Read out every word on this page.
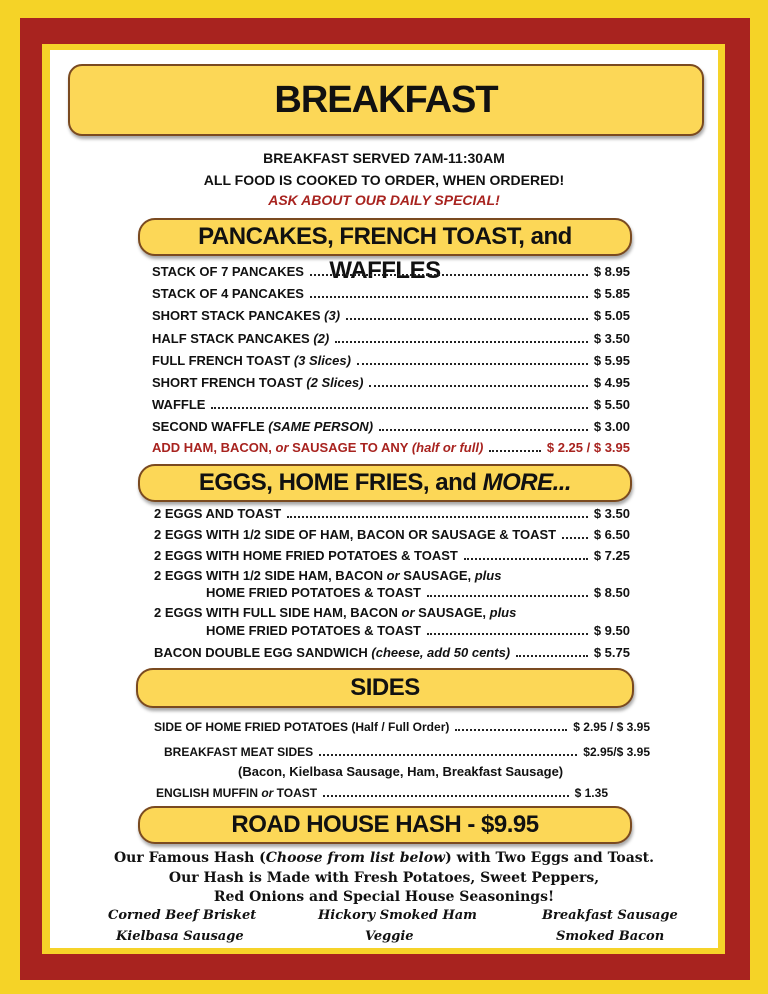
BREAKFAST
BREAKFAST SERVED 7AM-11:30AM
ALL FOOD IS COOKED TO ORDER, WHEN ORDERED!
ASK ABOUT OUR DAILY SPECIAL!
PANCAKES, FRENCH TOAST, and WAFFLES
STACK OF 7 PANCAKES	$ 8.95
STACK OF 4 PANCAKES	$ 5.85
SHORT STACK PANCAKES (3)	$ 5.05
HALF STACK PANCAKES (2)	$ 3.50
FULL FRENCH TOAST (3 Slices)	$ 5.95
SHORT FRENCH TOAST (2 Slices)	$ 4.95
WAFFLE	$ 5.50
SECOND WAFFLE (SAME PERSON)	$ 3.00
ADD HAM, BACON, or SAUSAGE TO ANY (half or full)	$ 2.25 / $ 3.95
EGGS, HOME FRIES, and MORE...
2 EGGS AND TOAST	$ 3.50
2 EGGS WITH 1/2 SIDE OF HAM, BACON OR SAUSAGE & TOAST	$ 6.50
2 EGGS WITH HOME FRIED POTATOES & TOAST	$ 7.25
2 EGGS WITH 1/2 SIDE HAM, BACON or SAUSAGE, plus
HOME FRIED POTATOES & TOAST	$ 8.50
2 EGGS WITH FULL SIDE HAM, BACON or SAUSAGE, plus
HOME FRIED POTATOES & TOAST	$ 9.50
BACON DOUBLE EGG SANDWICH (cheese, add 50 cents)	$ 5.75
SIDES
SIDE OF HOME FRIED POTATOES (Half / Full Order)	$ 2.95 / $ 3.95
BREAKFAST MEAT SIDES	$2.95/$ 3.95
(Bacon, Kielbasa Sausage, Ham, Breakfast Sausage)
ENGLISH MUFFIN or TOAST	$ 1.35
ROAD HOUSE HASH - $9.95
Our Famous Hash (Choose from list below) with Two Eggs and Toast.
Our Hash is Made with Fresh Potatoes, Sweet Peppers,
Red Onions and Special House Seasonings!
Corned Beef Brisket	Hickory Smoked Ham	Breakfast Sausage
Kielbasa Sausage	Veggie	Smoked Bacon
